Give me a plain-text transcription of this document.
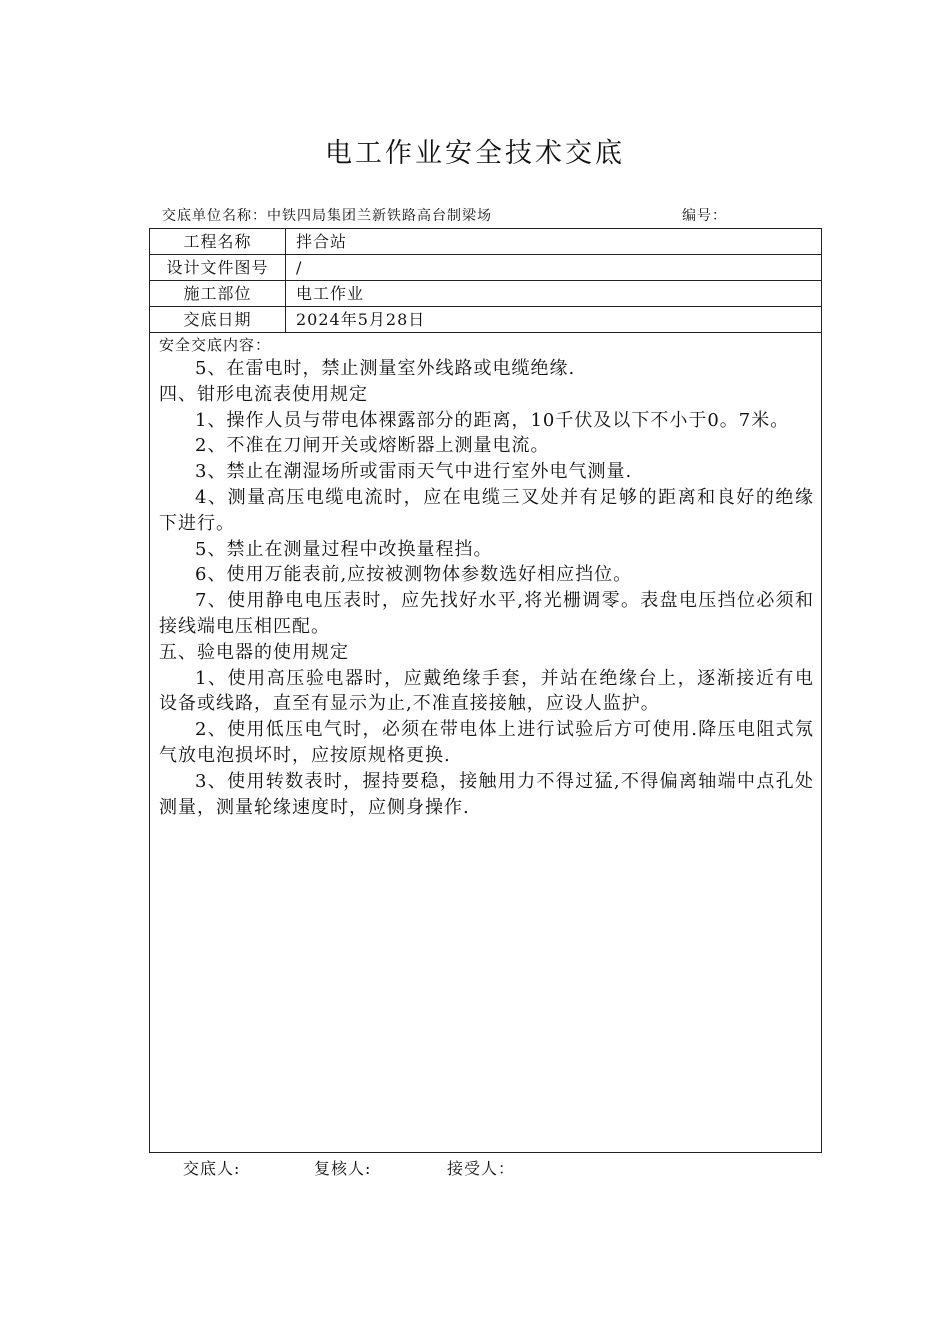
电工作业安全技术交底
交底单位名称：中铁四局集团兰新铁路高台制梁场	编号：
工程名称	拌合站
设计文件图号	/
施工部位	电工作业
交底日期	2024年5月28日
安全交底内容：

5、在雷电时，禁止测量室外线路或电缆绝缘.

四、钳形电流表使用规定

1、操作人员与带电体裸露部分的距离，10千伏及以下不小于0。7米。

2、不准在刀闸开关或熔断器上测量电流。

3、禁止在潮湿场所或雷雨天气中进行室外电气测量.

4、测量高压电缆电流时，应在电缆三叉处并有足够的距离和良好的绝缘下进行。

5、禁止在测量过程中改换量程挡。

6、使用万能表前,应按被测物体参数选好相应挡位。

7、使用静电电压表时，应先找好水平,将光栅调零。表盘电压挡位必须和接线端电压相匹配。

五、验电器的使用规定

1、使用高压验电器时，应戴绝缘手套，并站在绝缘台上，逐渐接近有电设备或线路，直至有显示为止,不准直接接触，应设人监护。

2、使用低压电气时，必须在带电体上进行试验后方可使用.降压电阻式氖气放电泡损坏时，应按原规格更换.

3、使用转数表时，握持要稳，接触用力不得过猛,不得偏离轴端中点孔处测量，测量轮缘速度时，应侧身操作.

交底人:	复核人:	接受人：
